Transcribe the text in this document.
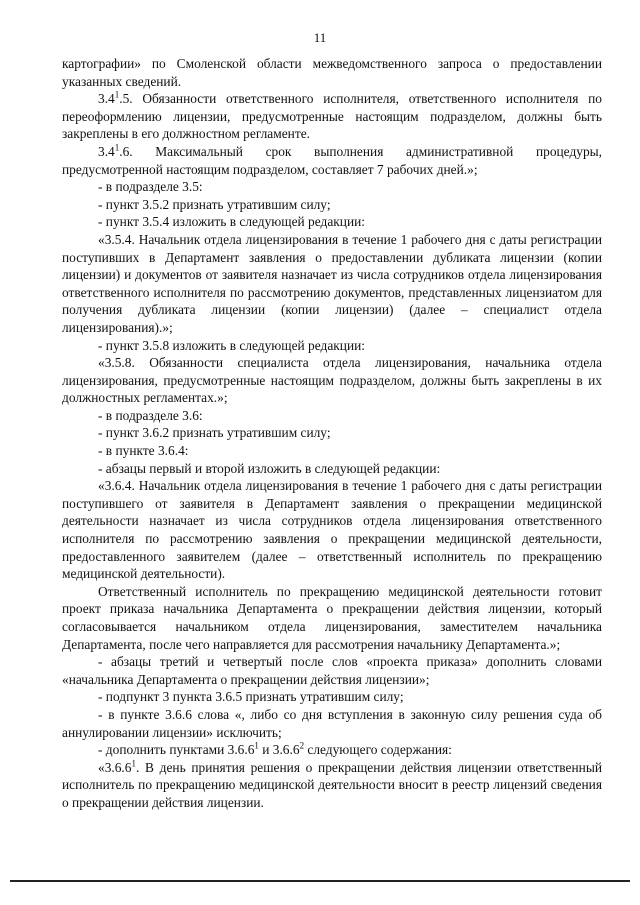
11

картографии» по Смоленской области межведомственного запроса о предоставлении указанных сведений.

$3.4^1.5$. Обязанности ответственного исполнителя, ответственного исполнителя по переоформлению лицензии, предусмотренные настоящим подразделом, должны быть закреплены в его должностном регламенте.

$3.4^1.6$. Максимальный срок выполнения административной процедуры, предусмотренной настоящим подразделом, составляет 7 рабочих дней.»;

- в подразделе 3.5:

- пункт 3.5.2 признать утратившим силу;

- пункт 3.5.4 изложить в следующей редакции:

«3.5.4. Начальник отдела лицензирования в течение 1 рабочего дня с даты регистрации поступивших в Департамент заявления о предоставлении дубликата лицензии (копии лицензии) и документов от заявителя назначает из числа сотрудников отдела лицензирования ответственного исполнителя по рассмотрению документов, представленных лицензиатом для получения дубликата лицензии (копии лицензии) (далее – специалист отдела лицензирования).»;

- пункт 3.5.8 изложить в следующей редакции:

«3.5.8. Обязанности специалиста отдела лицензирования, начальника отдела лицензирования, предусмотренные настоящим подразделом, должны быть закреплены в их должностных регламентах.»;

- в подразделе 3.6:

- пункт 3.6.2 признать утратившим силу;

- в пункте 3.6.4:

- абзацы первый и второй изложить в следующей редакции:

«3.6.4. Начальник отдела лицензирования в течение 1 рабочего дня с даты регистрации поступившего от заявителя в Департамент заявления о прекращении медицинской деятельности назначает из числа сотрудников отдела лицензирования ответственного исполнителя по рассмотрению заявления о прекращении медицинской деятельности, предоставленного заявителем (далее – ответственный исполнитель по прекращению медицинской деятельности).

Ответственный исполнитель по прекращению медицинской деятельности готовит проект приказа начальника Департамента о прекращении действия лицензии, который согласовывается начальником отдела лицензирования, заместителем начальника Департамента, после чего направляется для рассмотрения начальнику Департамента.»;

- абзацы третий и четвертый после слов «проекта приказа» дополнить словами «начальника Департамента о прекращении действия лицензии»;

- подпункт 3 пункта 3.6.5 признать утратившим силу;

- в пункте 3.6.6 слова «, либо со дня вступления в законную силу решения суда об аннулировании лицензии» исключить;

- дополнить пунктами 3.6.6$^1$ и 3.6.6$^2$ следующего содержания:

«3.6.6$^1$. В день принятия решения о прекращении действия лицензии ответственный исполнитель по прекращению медицинской деятельности вносит в реестр лицензий сведения о прекращении действия лицензии.
